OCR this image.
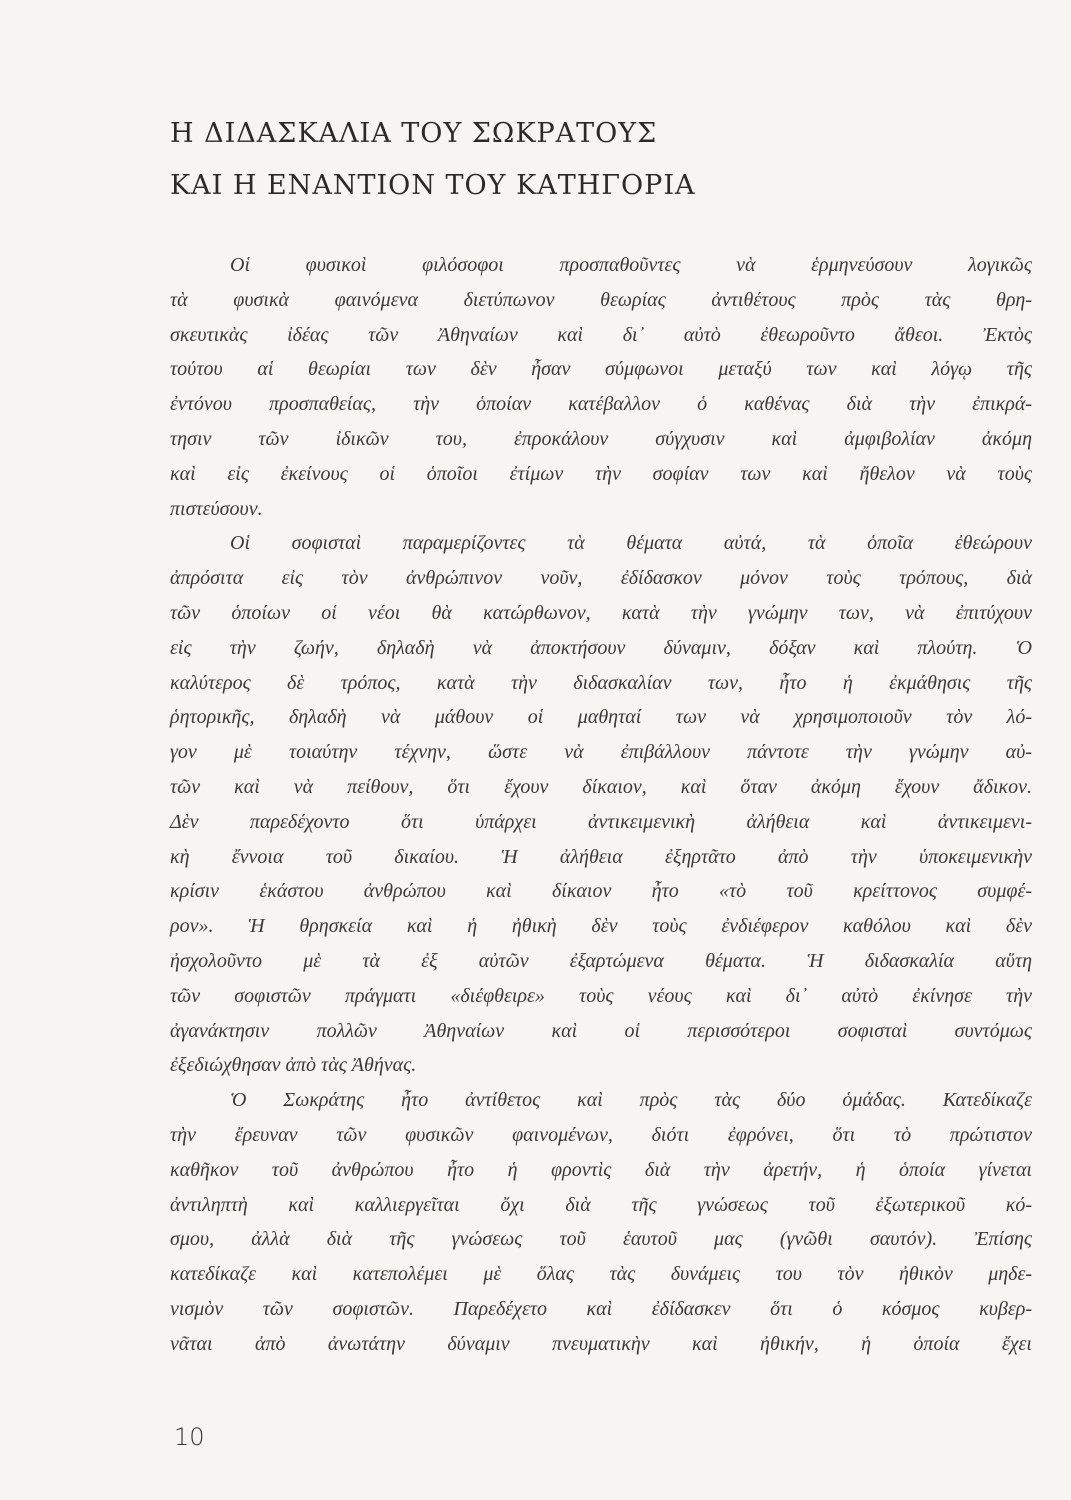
Η ΔΙΔΑΣΚΑΛΙΑ ΤΟΥ ΣΩΚΡΑΤΟΥΣ
ΚΑΙ Η ΕΝΑΝΤΙΟΝ ΤΟΥ ΚΑΤΗΓΟΡΙΑ
Οἱ φυσικοὶ φιλόσοφοι προσπαθοῦντες νὰ ἑρμηνεύσουν λογικῶς
τὰ φυσικὰ φαινόμενα διετύπωνον θεωρίας ἀντιθέτους πρὸς τὰς θρη-
σκευτικὰς ἰδέας τῶν Ἀθηναίων καὶ δι᾽ αὐτὸ ἐθεωροῦντο ἄθεοι. Ἐκτὸς
τούτου αἱ θεωρίαι των δὲν ἦσαν σύμφωνοι μεταξύ των καὶ λόγῳ τῆς
ἐντόνου προσπαθείας, τὴν ὁποίαν κατέβαλλον ὁ καθένας διὰ τὴν ἐπικρά-
τησιν τῶν ἰδικῶν του, ἐπροκάλουν σύγχυσιν καὶ ἀμφιβολίαν ἀκόμη
καὶ εἰς ἐκείνους οἱ ὁποῖοι ἐτίμων τὴν σοφίαν των καὶ ἤθελον νὰ τοὺς
πιστεύσουν.
Οἱ σοφισταὶ παραμερίζοντες τὰ θέματα αὐτά, τὰ ὁποῖα ἐθεώρουν
ἀπρόσιτα εἰς τὸν ἀνθρώπινον νοῦν, ἐδίδασκον μόνον τοὺς τρόπους, διὰ
τῶν ὁποίων οἱ νέοι θὰ κατώρθωνον, κατὰ τὴν γνώμην των, νὰ ἐπιτύχουν
εἰς τὴν ζωήν, δηλαδὴ νὰ ἀποκτήσουν δύναμιν, δόξαν καὶ πλούτη. Ὁ
καλύτερος δὲ τρόπος, κατὰ τὴν διδασκαλίαν των, ἦτο ἡ ἐκμάθησις τῆς
ῥητορικῆς, δηλαδὴ νὰ μάθουν οἱ μαθηταί των νὰ χρησιμοποιοῦν τὸν λό-
γον μὲ τοιαύτην τέχνην, ὥστε νὰ ἐπιβάλλουν πάντοτε τὴν γνώμην αὐ-
τῶν καὶ νὰ πείθουν, ὅτι ἔχουν δίκαιον, καὶ ὅταν ἀκόμη ἔχουν ἄδικον.
Δὲν παρεδέχοντο ὅτι ὑπάρχει ἀντικειμενικὴ ἀλήθεια καὶ ἀντικειμενι-
κὴ ἔννοια τοῦ δικαίου. Ἡ ἀλήθεια ἐξηρτᾶτο ἀπὸ τὴν ὑποκειμενικὴν
κρίσιν ἑκάστου ἀνθρώπου καὶ δίκαιον ἦτο «τὸ τοῦ κρείττονος συμφέ-
ρον». Ἡ θρησκεία καὶ ἡ ἠθικὴ δὲν τοὺς ἐνδιέφερον καθόλου καὶ δὲν
ἠσχολοῦντο μὲ τὰ ἐξ αὐτῶν ἐξαρτώμενα θέματα. Ἡ διδασκαλία αὕτη
τῶν σοφιστῶν πράγματι «διέφθειρε» τοὺς νέους καὶ δι᾽ αὐτὸ ἐκίνησε τὴν
ἀγανάκτησιν πολλῶν Ἀθηναίων καὶ οἱ περισσότεροι σοφισταὶ συντόμως
ἐξεδιώχθησαν ἀπὸ τὰς Ἀθήνας.
Ὁ Σωκράτης ἦτο ἀντίθετος καὶ πρὸς τὰς δύο ὁμάδας. Κατεδίκαζε
τὴν ἔρευναν τῶν φυσικῶν φαινομένων, διότι ἐφρόνει, ὅτι τὸ πρώτιστον
καθῆκον τοῦ ἀνθρώπου ἦτο ἡ φροντὶς διὰ τὴν ἀρετήν, ἡ ὁποία γίνεται
ἀντιληπτὴ καὶ καλλιεργεῖται ὄχι διὰ τῆς γνώσεως τοῦ ἐξωτερικοῦ κό-
σμου, ἀλλὰ διὰ τῆς γνώσεως τοῦ ἑαυτοῦ μας (γνῶθι σαυτόν). Ἐπίσης
κατεδίκαζε καὶ κατεπολέμει μὲ ὅλας τὰς δυνάμεις του τὸν ἠθικὸν μηδε-
νισμὸν τῶν σοφιστῶν. Παρεδέχετο καὶ ἐδίδασκεν ὅτι ὁ κόσμος κυβερ-
νᾶται ἀπὸ ἀνωτάτην δύναμιν πνευματικὴν καὶ ἠθικήν, ἡ ὁποία ἔχει
10
